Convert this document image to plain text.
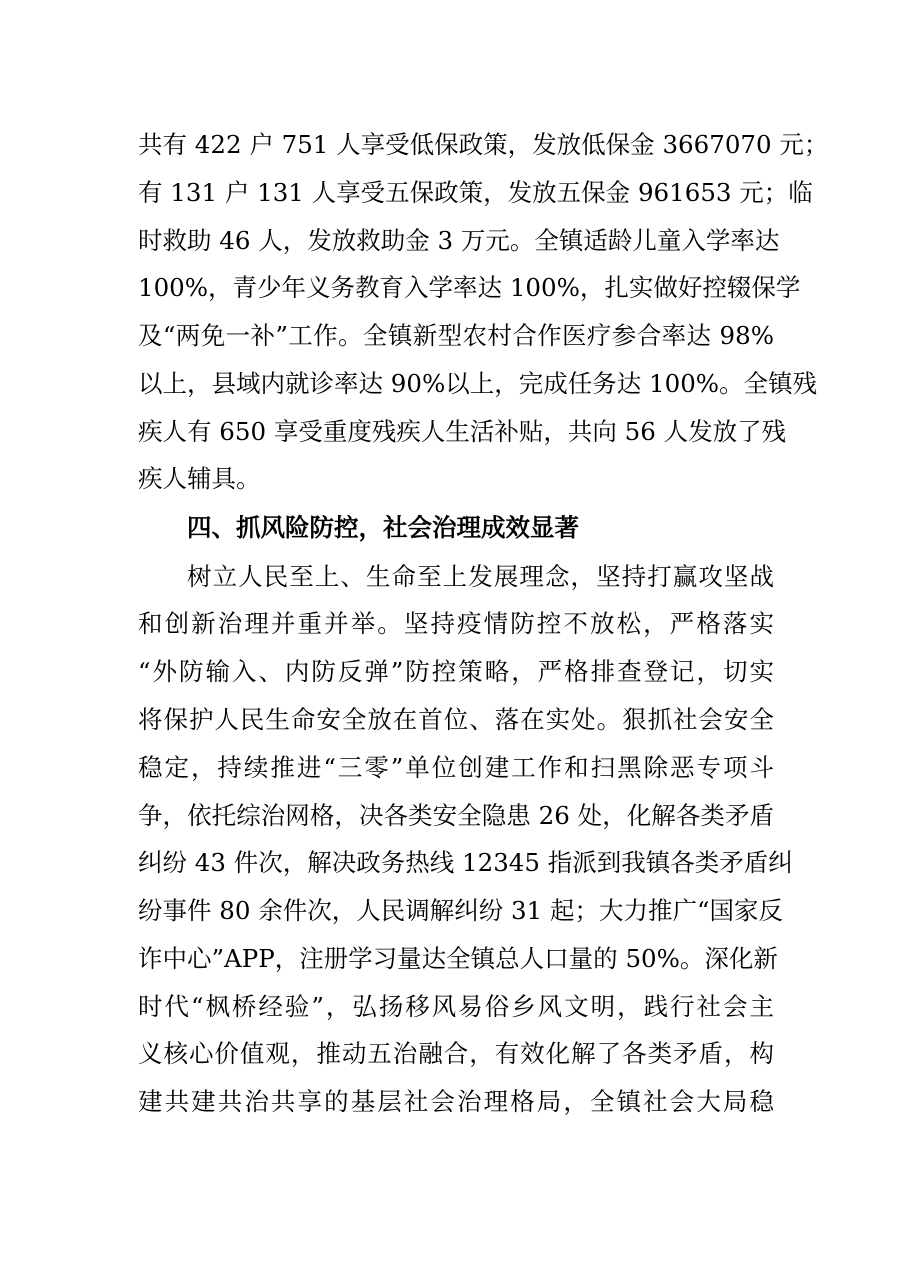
共有 422 户 751 人享受低保政策，发放低保金 3667070 元；
有 131 户 131 人享受五保政策，发放五保金 961653 元；临
时救助 46 人，发放救助金 3 万元。全镇适龄儿童入学率达
100%，青少年义务教育入学率达 100%，扎实做好控辍保学
及“两免一补”工作。全镇新型农村合作医疗参合率达 98%
以上，县域内就诊率达 90%以上，完成任务达 100%。全镇残
疾人有 650 享受重度残疾人生活补贴，共向 56 人发放了残
疾人辅具。
四、抓风险防控，社会治理成效显著
树立人民至上、生命至上发展理念，坚持打赢攻坚战
和创新治理并重并举。坚持疫情防控不放松，严格落实
“外防输入、内防反弹”防控策略，严格排查登记，切实
将保护人民生命安全放在首位、落在实处。狠抓社会安全
稳定，持续推进“三零”单位创建工作和扫黑除恶专项斗
争，依托综治网格，决各类安全隐患 26 处，化解各类矛盾
纠纷 43 件次，解决政务热线 12345 指派到我镇各类矛盾纠
纷事件 80 余件次，人民调解纠纷 31 起；大力推广“国家反
诈中心”APP，注册学习量达全镇总人口量的 50%。深化新
时代“枫桥经验”，弘扬移风易俗乡风文明，践行社会主
义核心价值观，推动五治融合，有效化解了各类矛盾，构
建共建共治共享的基层社会治理格局，全镇社会大局稳
